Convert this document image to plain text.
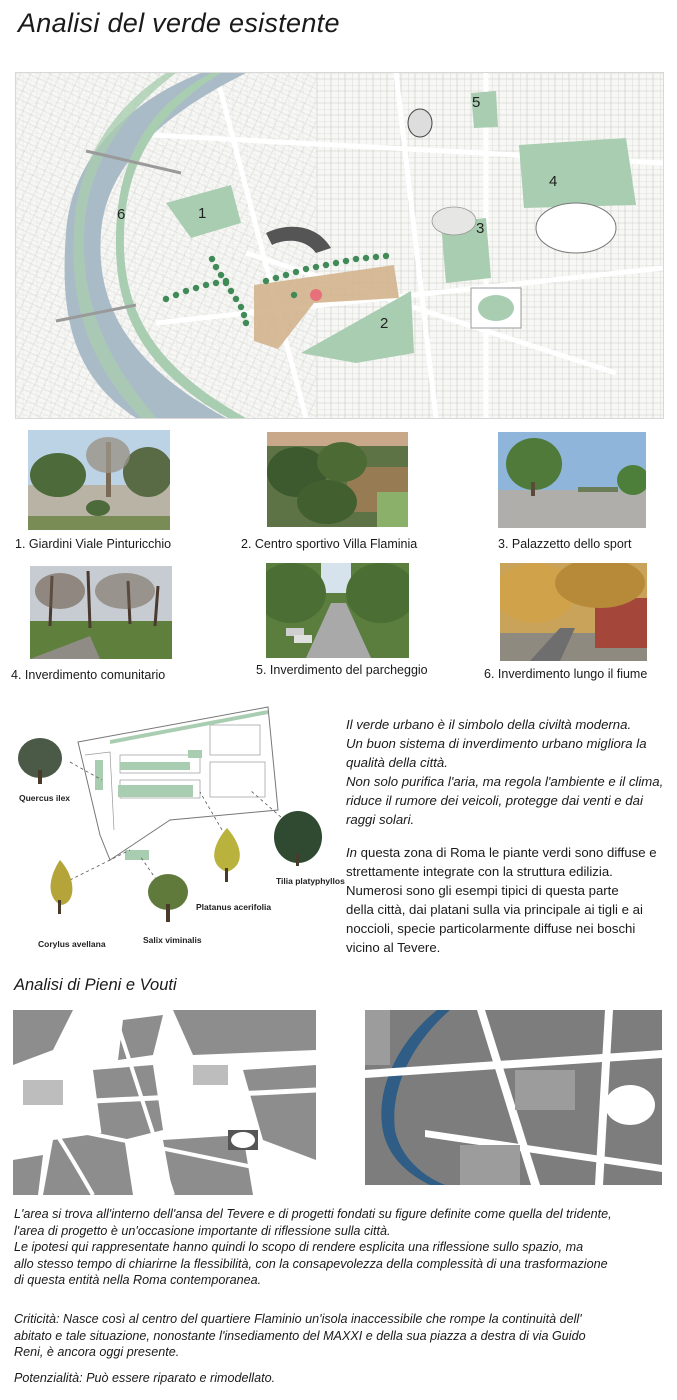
Analisi del verde esistente
1
2
3
4
5
6
1. Giardini Viale Pinturicchio	2. Centro sportivo Villa Flaminia	3. Palazzetto dello sport
4. Inverdimento comunitario	5. Inverdimento del parcheggio	6. Inverdimento lungo il fiume
Quercus ilex
Corylus avellana	Salix viminalis
Platanus acerifolia
Tilia platyphyllos
Il verde urbano è il simbolo della civiltà moderna.
Un buon sistema di inverdimento urbano migliora la
qualità della città.
Non solo purifica l'aria, ma regola l'ambiente e il clima,
riduce il rumore dei veicoli, protegge dai venti e dai
raggi solari.
In questa zona di Roma le piante verdi sono diffuse e
strettamente integrate con la struttura edilizia.
Numerosi sono gli esempi tipici di questa parte
della città, dai platani sulla via principale ai tigli e ai
noccioli, specie particolarmente diffuse nei boschi
vicino al Tevere.
Analisi di Pieni e Vouti
L'area si trova all'interno dell'ansa del Tevere e di progetti fondati su figure definite come quella del tridente,
l'area di progetto è un'occasione importante di riflessione sulla città.
Le ipotesi qui rappresentate hanno quindi lo scopo di rendere esplicita una riflessione sullo spazio, ma
allo stesso tempo di chiarirne la flessibilità, con la consapevolezza della complessità di una trasformazione
di questa entità nella Roma contemporanea.
Criticità: Nasce così al centro del quartiere Flaminio un'isola inaccessibile che rompe la continuità dell'
abitato e tale situazione, nonostante l'insediamento del MAXXI e della sua piazza a destra di via Guido
Reni, è ancora oggi presente.
Potenzialità: Può essere riparato e rimodellato.
